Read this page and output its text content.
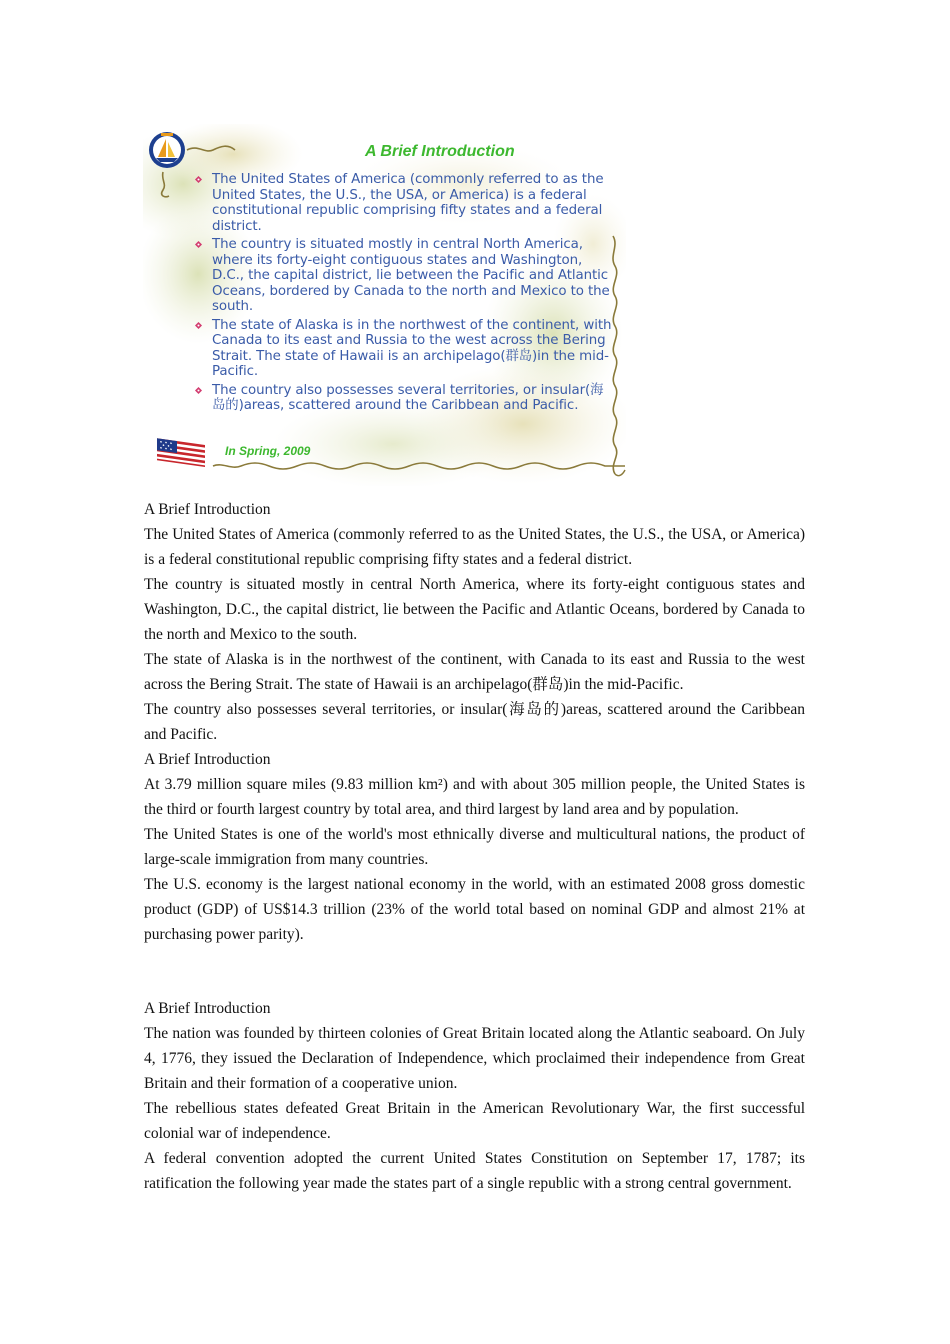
A Brief Introduction
The United States of America (commonly referred to as the United States, the U.S., the USA, or America) is a federal constitutional republic comprising fifty states and a federal district.
The country is situated mostly in central North America, where its forty-eight contiguous states and Washington, D.C., the capital district, lie between the Pacific and Atlantic Oceans, bordered by Canada to the north and Mexico to the south.
The state of Alaska is in the northwest of the continent, with Canada to its east and Russia to the west across the Bering Strait. The state of Hawaii is an archipelago(群岛)in the mid-Pacific.
The country also possesses several territories, or insular(海岛的)areas, scattered around the Caribbean and Pacific.
In Spring, 2009

A Brief Introduction

The United States of America (commonly referred to as the United States, the U.S., the USA, or America) is a federal constitutional republic comprising fifty states and a federal district.

The country is situated mostly in central North America, where its forty-eight contiguous states and Washington, D.C., the capital district, lie between the Pacific and Atlantic Oceans, bordered by Canada to the north and Mexico to the south.

The state of Alaska is in the northwest of the continent, with Canada to its east and Russia to the west across the Bering Strait. The state of Hawaii is an archipelago(群岛)in the mid-Pacific.

The country also possesses several territories, or insular(海岛的)areas, scattered around the Caribbean and Pacific.

A Brief Introduction

At 3.79 million square miles (9.83 million km²) and with about 305 million people, the United States is the third or fourth largest country by total area, and third largest by land area and by population.

The United States is one of the world's most ethnically diverse and multicultural nations, the product of large-scale immigration from many countries.

The U.S. economy is the largest national economy in the world, with an estimated 2008 gross domestic product (GDP) of US$14.3 trillion (23% of the world total based on nominal GDP and almost 21% at purchasing power parity).

A Brief Introduction

The nation was founded by thirteen colonies of Great Britain located along the Atlantic seaboard. On July 4, 1776, they issued the Declaration of Independence, which proclaimed their independence from Great Britain and their formation of a cooperative union.

The rebellious states defeated Great Britain in the American Revolutionary War, the first successful colonial war of independence.

A federal convention adopted the current United States Constitution on September 17, 1787; its ratification the following year made the states part of a single republic with a strong central government.
